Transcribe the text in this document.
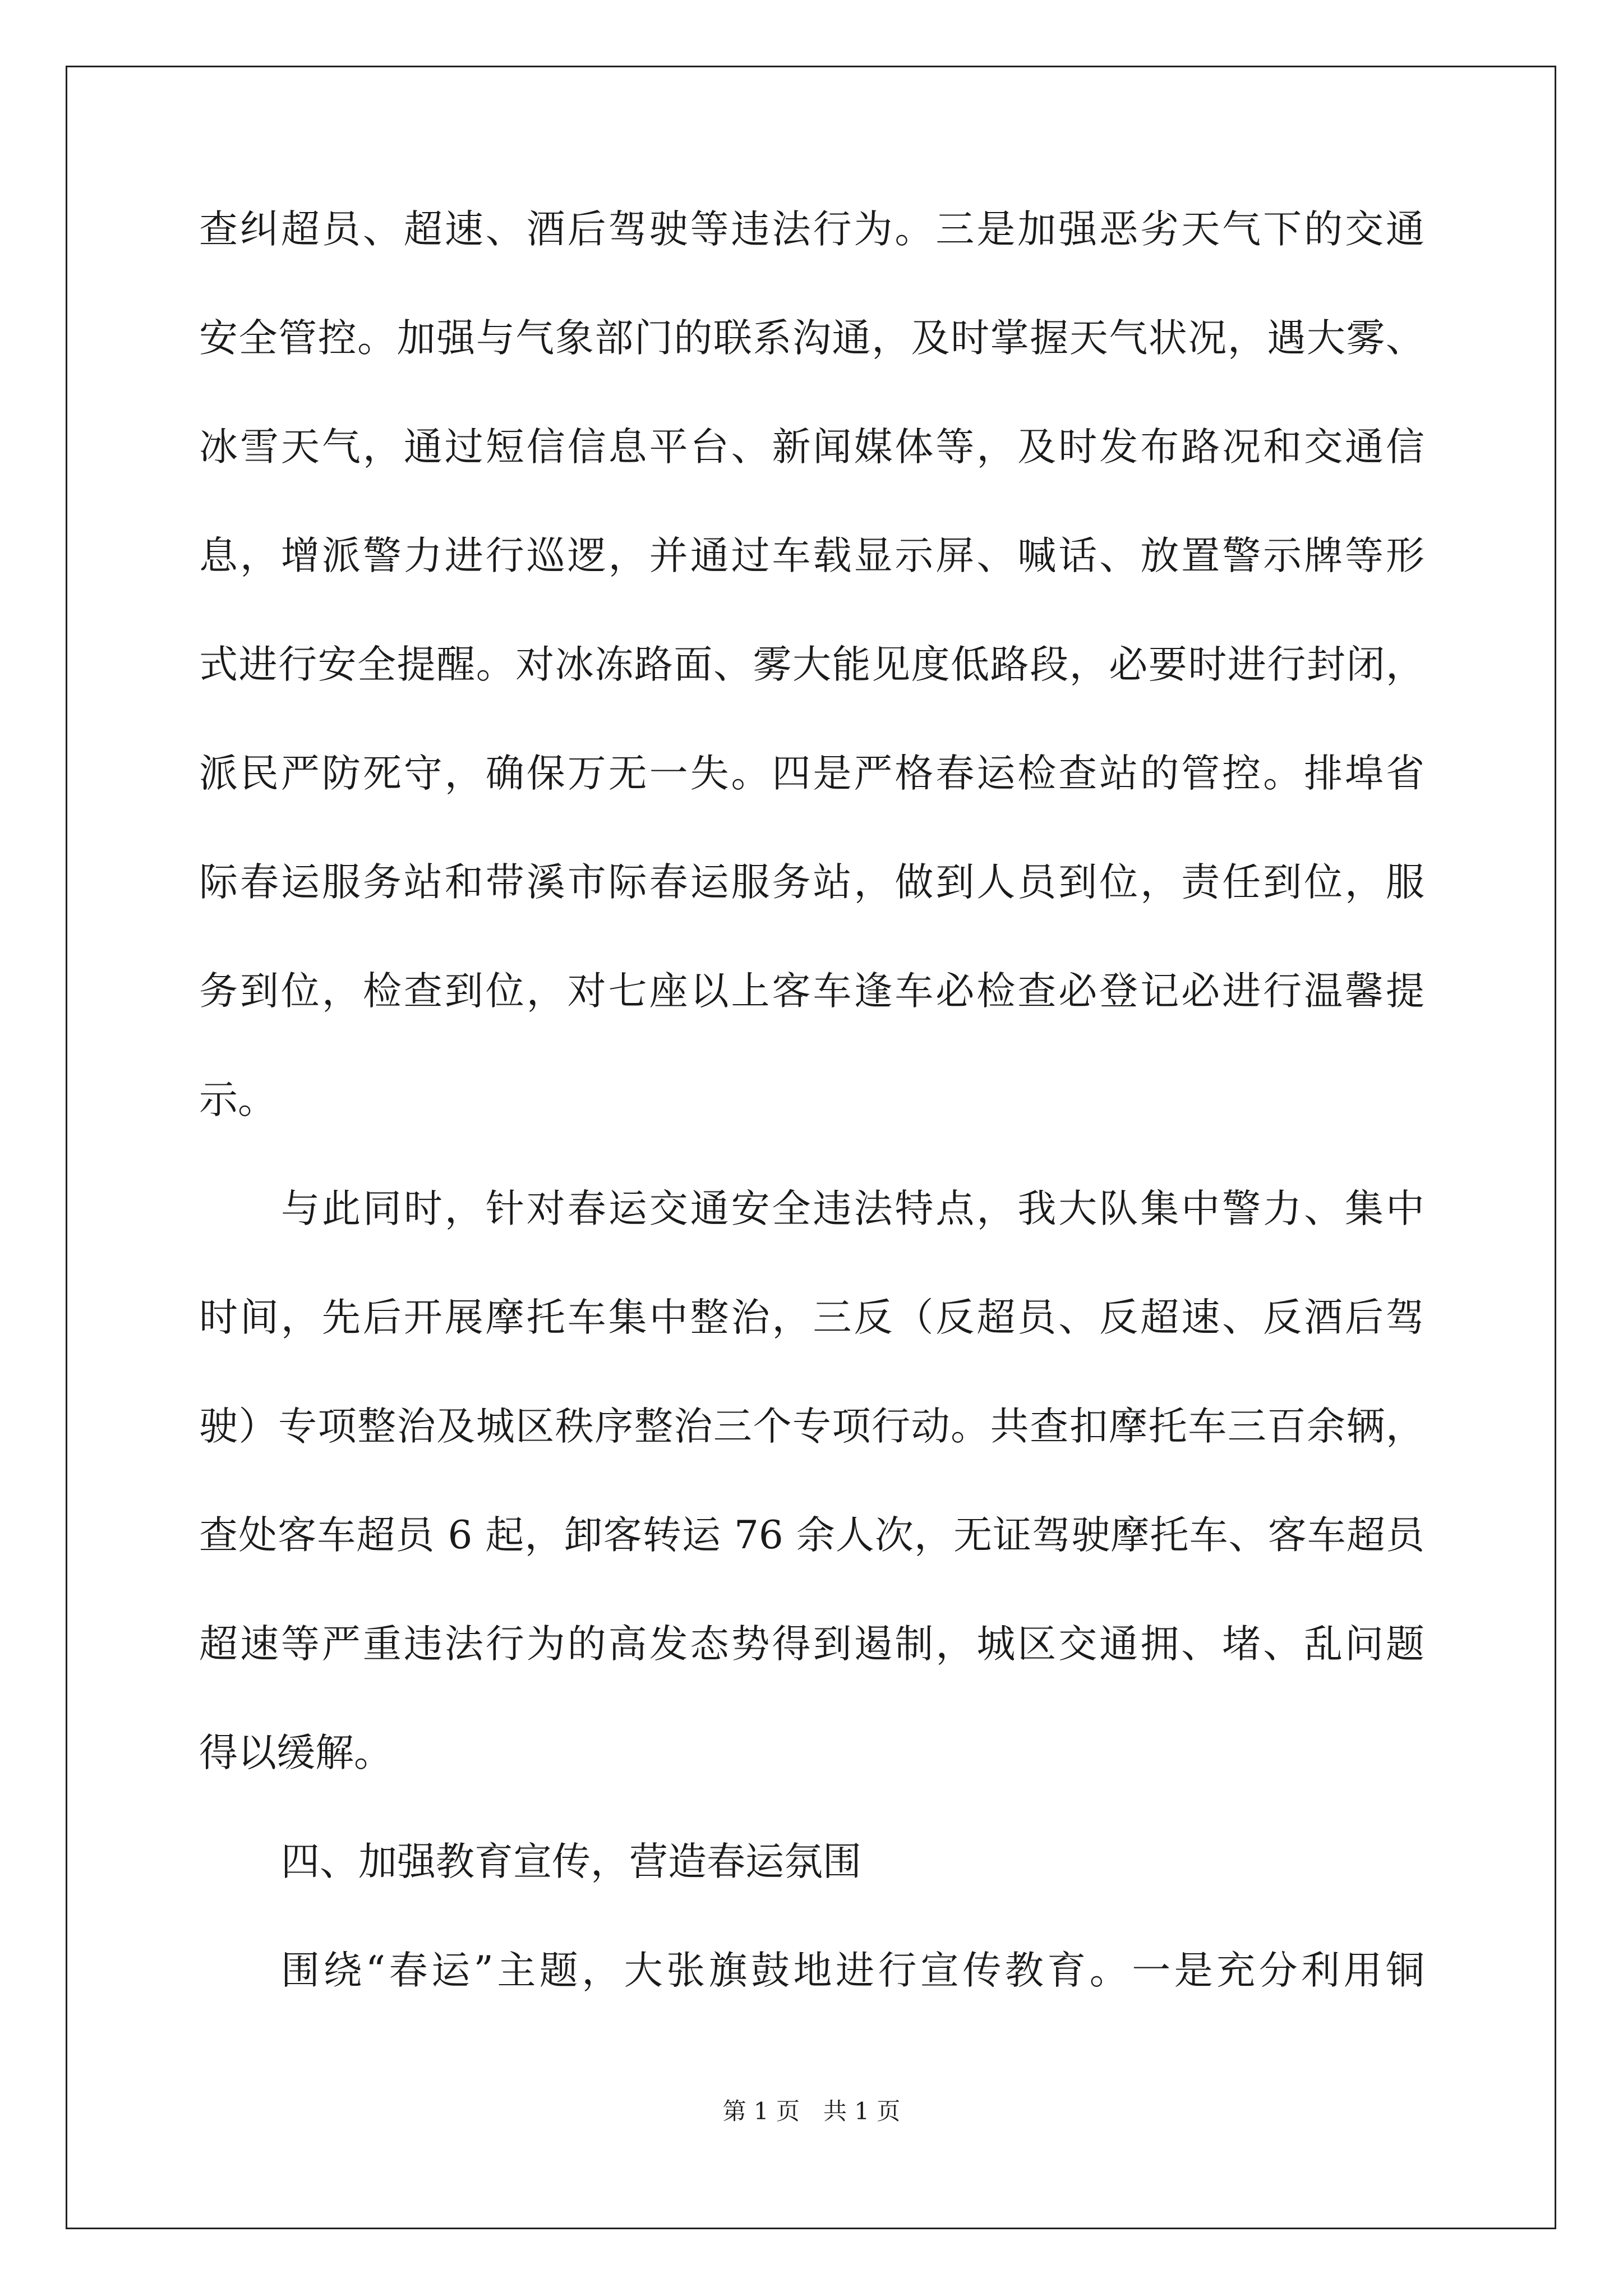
查纠超员、超速、酒后驾驶等违法行为。三是加强恶劣天气下的交通
安全管控。加强与气象部门的联系沟通，及时掌握天气状况，遇大雾、
冰雪天气，通过短信信息平台、新闻媒体等，及时发布路况和交通信
息，增派警力进行巡逻，并通过车载显示屏、喊话、放置警示牌等形
式进行安全提醒。对冰冻路面、雾大能见度低路段，必要时进行封闭，
派民严防死守，确保万无一失。四是严格春运检查站的管控。排埠省
际春运服务站和带溪市际春运服务站，做到人员到位，责任到位，服
务到位，检查到位，对七座以上客车逢车必检查必登记必进行温馨提
示。
与此同时，针对春运交通安全违法特点，我大队集中警力、集中
时间，先后开展摩托车集中整治，三反（反超员、反超速、反酒后驾
驶）专项整治及城区秩序整治三个专项行动。共查扣摩托车三百余辆，
查处客车超员 6 起，卸客转运 76 余人次，无证驾驶摩托车、客车超员
超速等严重违法行为的高发态势得到遏制，城区交通拥、堵、乱问题
得以缓解。
四、加强教育宣传，营造春运氛围
围绕“春运”主题，大张旗鼓地进行宣传教育。一是充分利用铜
第 1 页 共 1 页
